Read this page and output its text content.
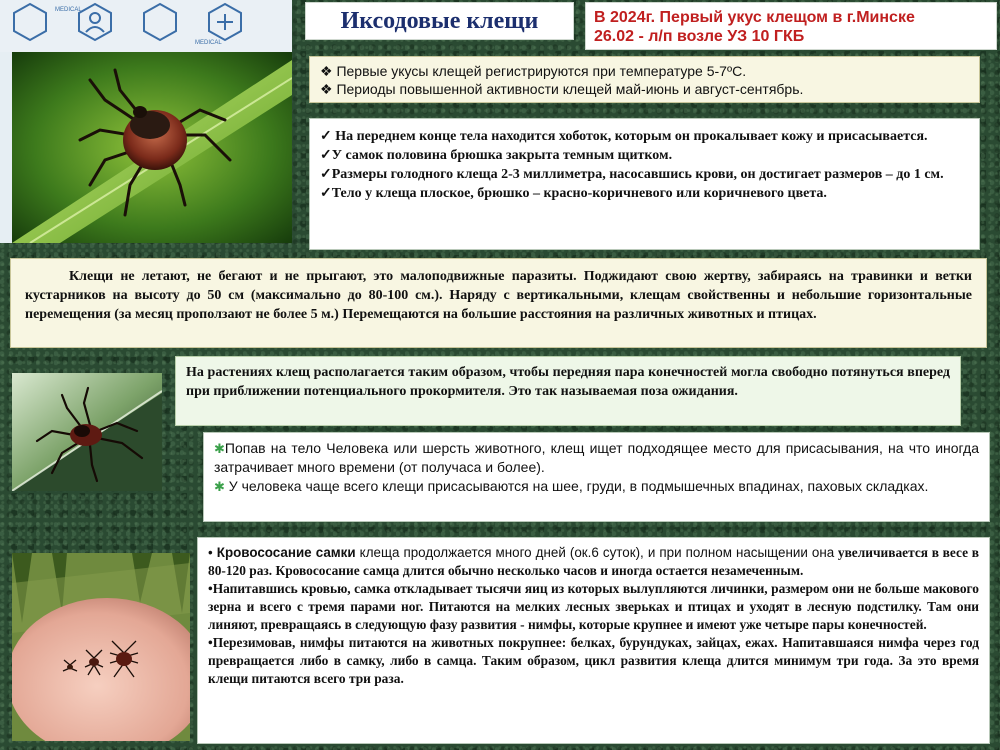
MEDICAL
MEDICAL
Иксодовые клещи	В 2024г. Первый укус клещом в г.Минске

26.02 - л/п возле УЗ 10 ГКБ

❖ Первые укусы клещей регистрируются при температуре 5-7ºС.

❖ Периоды повышенной активности клещей май-июнь и август-сентябрь.

✓ На переднем конце тела находится хоботок, которым он прокалывает кожу и присасывается.

✓У самок половина брюшка закрыта темным щитком.

✓Размеры голодного клеща 2-3 миллиметра, насосавшись крови, он достигает размеров – до 1 см.

✓Тело у клеща плоское, брюшко – красно-коричневого или коричневого цвета.

Клещи не летают, не бегают и не прыгают, это малоподвижные паразиты. Поджидают свою жертву, забираясь на травинки и ветки кустарников на высоту до 50 см (максимально до 80-100 см.). Наряду с вертикальными, клещам свойственны и небольшие горизонтальные перемещения (за месяц проползают не более 5 м.) Перемещаются на большие расстояния на различных животных и птицах.

На растениях клещ располагается таким образом, чтобы передняя пара конечностей могла свободно потянуться вперед при приближении потенциального прокормителя. Это так называемая поза ожидания.

✱Попав на тело Человека или шерсть животного, клещ ищет подходящее место для присасывания, на что иногда затрачивает много времени (от получаса и более).

✱ У человека чаще всего клещи присасываются на шее, груди, в подмышечных впадинах, паховых складках.

• Кровососание самки клеща продолжается много дней (ок.6 суток), и при полном насыщении она увеличивается в весе в 80-120 раз. Кровососание самца длится обычно несколько часов и иногда остается незамеченным.

•Напитавшись кровью, самка откладывает тысячи яиц из которых вылупляются личинки, размером они не больше макового зерна и всего с тремя парами ног. Питаются на мелких лесных зверьках и птицах и уходят в лесную подстилку. Там они линяют, превращаясь в следующую фазу развития - нимфы, которые крупнее и имеют уже четыре пары конечностей.

•Перезимовав, нимфы питаются на животных покрупнее: белках, бурундуках, зайцах, ежах. Напитавшаяся нимфа через год превращается либо в самку, либо в самца. Таким образом, цикл развития клеща длится минимум три года. За это время клещи питаются всего три раза.
